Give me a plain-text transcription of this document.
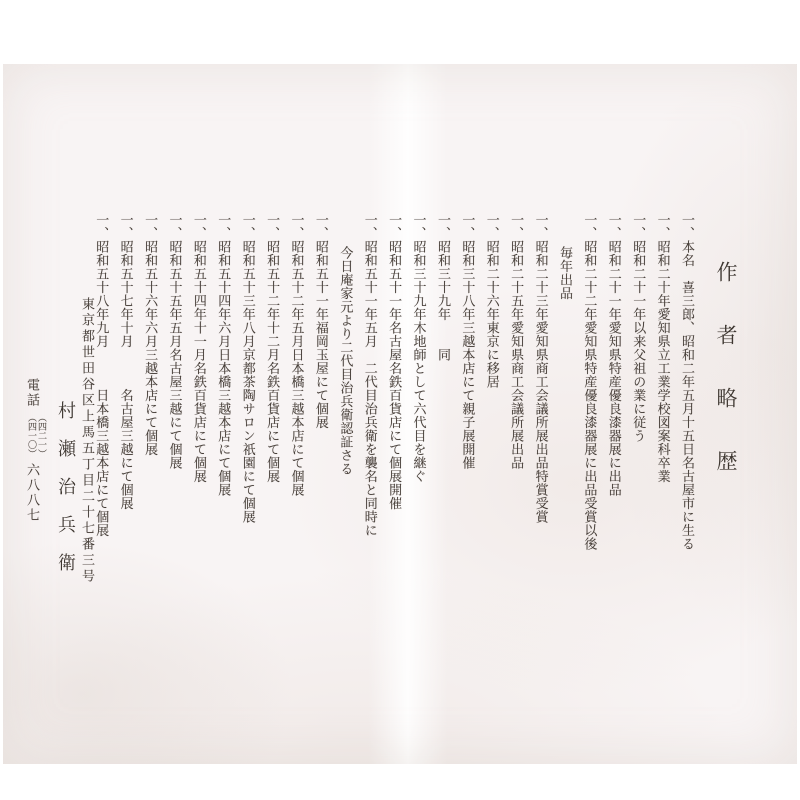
作者略歴
一、本名　喜三郎、昭和二年五月十五日名古屋市に生る
一、昭和二十年愛知県立工業学校図案科卒業
一、昭和二十一年以来父祖の業に従う
一、昭和二十一年愛知県特産優良漆器展に出品
一、昭和二十二年愛知県特産優良漆器展に出品受賞以後
毎年出品
一、昭和二十三年愛知県商工会議所展出品特賞受賞
一、昭和二十五年愛知県商工会議所展出品
一、昭和二十六年東京に移居
一、昭和三十八年三越本店にて親子展開催
一、昭和三十九年　　同
一、昭和三十九年木地師として六代目を継ぐ
一、昭和五十一年名古屋名鉄百貨店にて個展開催
一、昭和五十一年五月　二代目治兵衛を襲名と同時に
今日庵家元より二代目治兵衛認証さる
一、昭和五十一年福岡玉屋にて個展
一、昭和五十二年五月日本橋三越本店にて個展
一、昭和五十二年十二月名鉄百貨店にて個展
一、昭和五十三年八月京都茶陶サロン祇園にて個展
一、昭和五十四年六月日本橋三越本店にて個展
一、昭和五十四年十一月名鉄百貨店にて個展
一、昭和五十五年五月名古屋三越にて個展
一、昭和五十六年六月三越本店にて個展
一、昭和五十七年十月　　　名古屋三越にて個展
一、昭和五十八年九月　　　日本橋三越本店にて個展
東京都世田谷区上馬五丁目二十七番三号
村瀬治兵衛
電話
（四二一）
（四一〇）
六八八七
